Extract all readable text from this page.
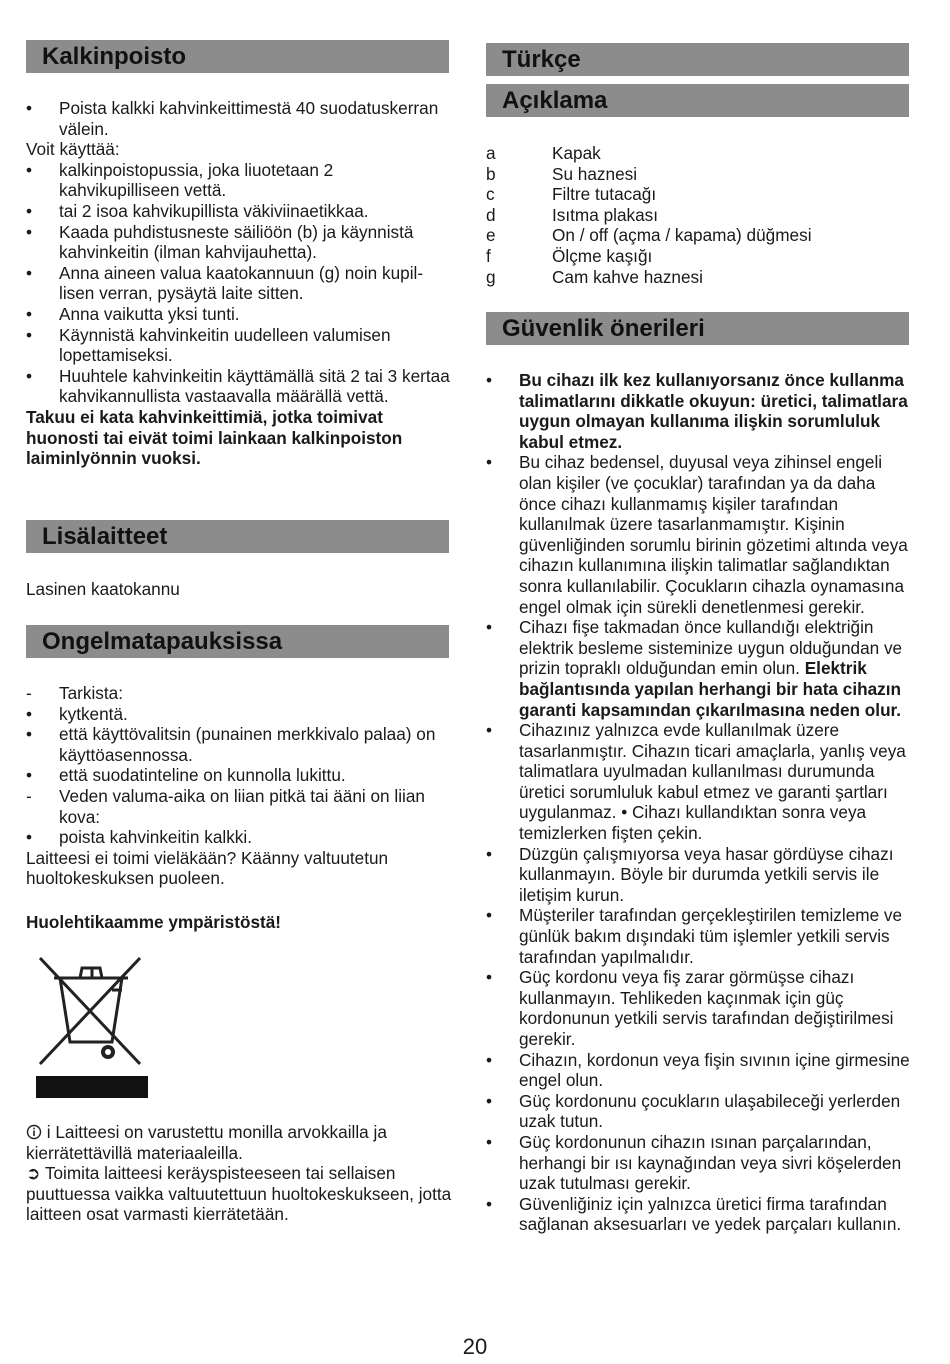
Kalkinpoisto
• Poista kalkki kahvinkeittimestä 40 suodatuskerran välein.
Voit käyttää:
• kalkinpoistopussia, joka liuotetaan 2 kahvikupilliseen vettä.
• tai 2 isoa kahvikupillista väkiviinaetikkaa.
• Kaada puhdistusneste säiliöön (b) ja käynnistä kahvinkeitin (ilman kahvijauhetta).
• Anna aineen valua kaatokannuun (g) noin kupil-lisen verran, pysäytä laite sitten.
• Anna vaikutta yksi tunti.
• Käynnistä kahvinkeitin uudelleen valumisen lopettamiseksi.
• Huuhtele kahvinkeitin käyttämällä sitä 2 tai 3 kertaa kahvikannullista vastaavalla määrällä vettä.
Takuu ei kata kahvinkeittimiä, jotka toimivat huonosti tai eivät toimi lainkaan kalkinpoiston laiminlyönnin vuoksi.
Lisälaitteet
Lasinen kaatokannu
Ongelmatapauksissa
- Tarkista:
• kytkentä.
• että käyttövalitsin (punainen merkkivalo palaa) on käyttöasennossa.
• että suodatinteline on kunnolla lukittu.
- Veden valuma-aika on liian pitkä tai ääni on liian kova:
• poista kahvinkeitin kalkki.
Laitteesi ei toimi vieläkään? Käänny valtuutetun huoltokeskuksen puoleen.
Huolehtikaamme ympäristöstä!
i Laitteesi on varustettu monilla arvokkailla ja kierrätettävillä materiaaleilla.
➲ Toimita laitteesi keräyspisteeseen tai sellaisen puuttuessa vaikka valtuutettuun huoltokeskukseen, jotta laitteen osat varmasti kierrätetään.
Türkçe
Açıklama
a	Kapak
b	Su haznesi
c	Filtre tutacağı
d	Isıtma plakası
e	On / off (açma / kapama) düğmesi
f	Ölçme kaşığı
g	Cam kahve haznesi
Güvenlik önerileri
• Bu cihazı ilk kez kullanıyorsanız önce kullanma talimatlarını dikkatle okuyun: üretici, talimatlara uygun olmayan kullanıma ilişkin sorumluluk kabul etmez.
• Bu cihaz bedensel, duyusal veya zihinsel engeli olan kişiler (ve çocuklar) tarafından ya da daha önce cihazı kullanmamış kişiler tarafından kullanılmak üzere tasarlanmamıştır. Kişinin güvenliğinden sorumlu birinin gözetimi altında veya cihazın kullanımına ilişkin talimatlar sağlandıktan sonra kullanılabilir. Çocukların cihazla oynamasına engel olmak için sürekli denetlenmesi gerekir.
• Cihazı fişe takmadan önce kullandığı elektriğin elektrik besleme sisteminize uygun olduğundan ve prizin topraklı olduğundan emin olun. Elektrik bağlantısında yapılan herhangi bir hata cihazın garanti kapsamından çıkarılmasına neden olur.
• Cihazınız yalnızca evde kullanılmak üzere tasarlanmıştır. Cihazın ticari amaçlarla, yanlış veya talimatlara uyulmadan kullanılması durumunda üretici sorumluluk kabul etmez ve garanti şartları uygulanmaz. • Cihazı kullandıktan sonra veya temizlerken fişten çekin.
• Düzgün çalışmıyorsa veya hasar gördüyse cihazı kullanmayın. Böyle bir durumda yetkili servis ile iletişim kurun.
• Müşteriler tarafından gerçekleştirilen temizleme ve günlük bakım dışındaki tüm işlemler yetkili servis tarafından yapılmalıdır.
• Güç kordonu veya fiş zarar görmüşse cihazı kullanmayın. Tehlikeden kaçınmak için güç kordonunun yetkili servis tarafından değiştirilmesi gerekir.
• Cihazın, kordonun veya fişin sıvının içine girmesine engel olun.
• Güç kordonunu çocukların ulaşabileceği yerlerden uzak tutun.
• Güç kordonunun cihazın ısınan parçalarından, herhangi bir ısı kaynağından veya sivri köşelerden uzak tutulması gerekir.
• Güvenliğiniz için yalnızca üretici firma tarafından sağlanan aksesuarları ve yedek parçaları kullanın.
20
